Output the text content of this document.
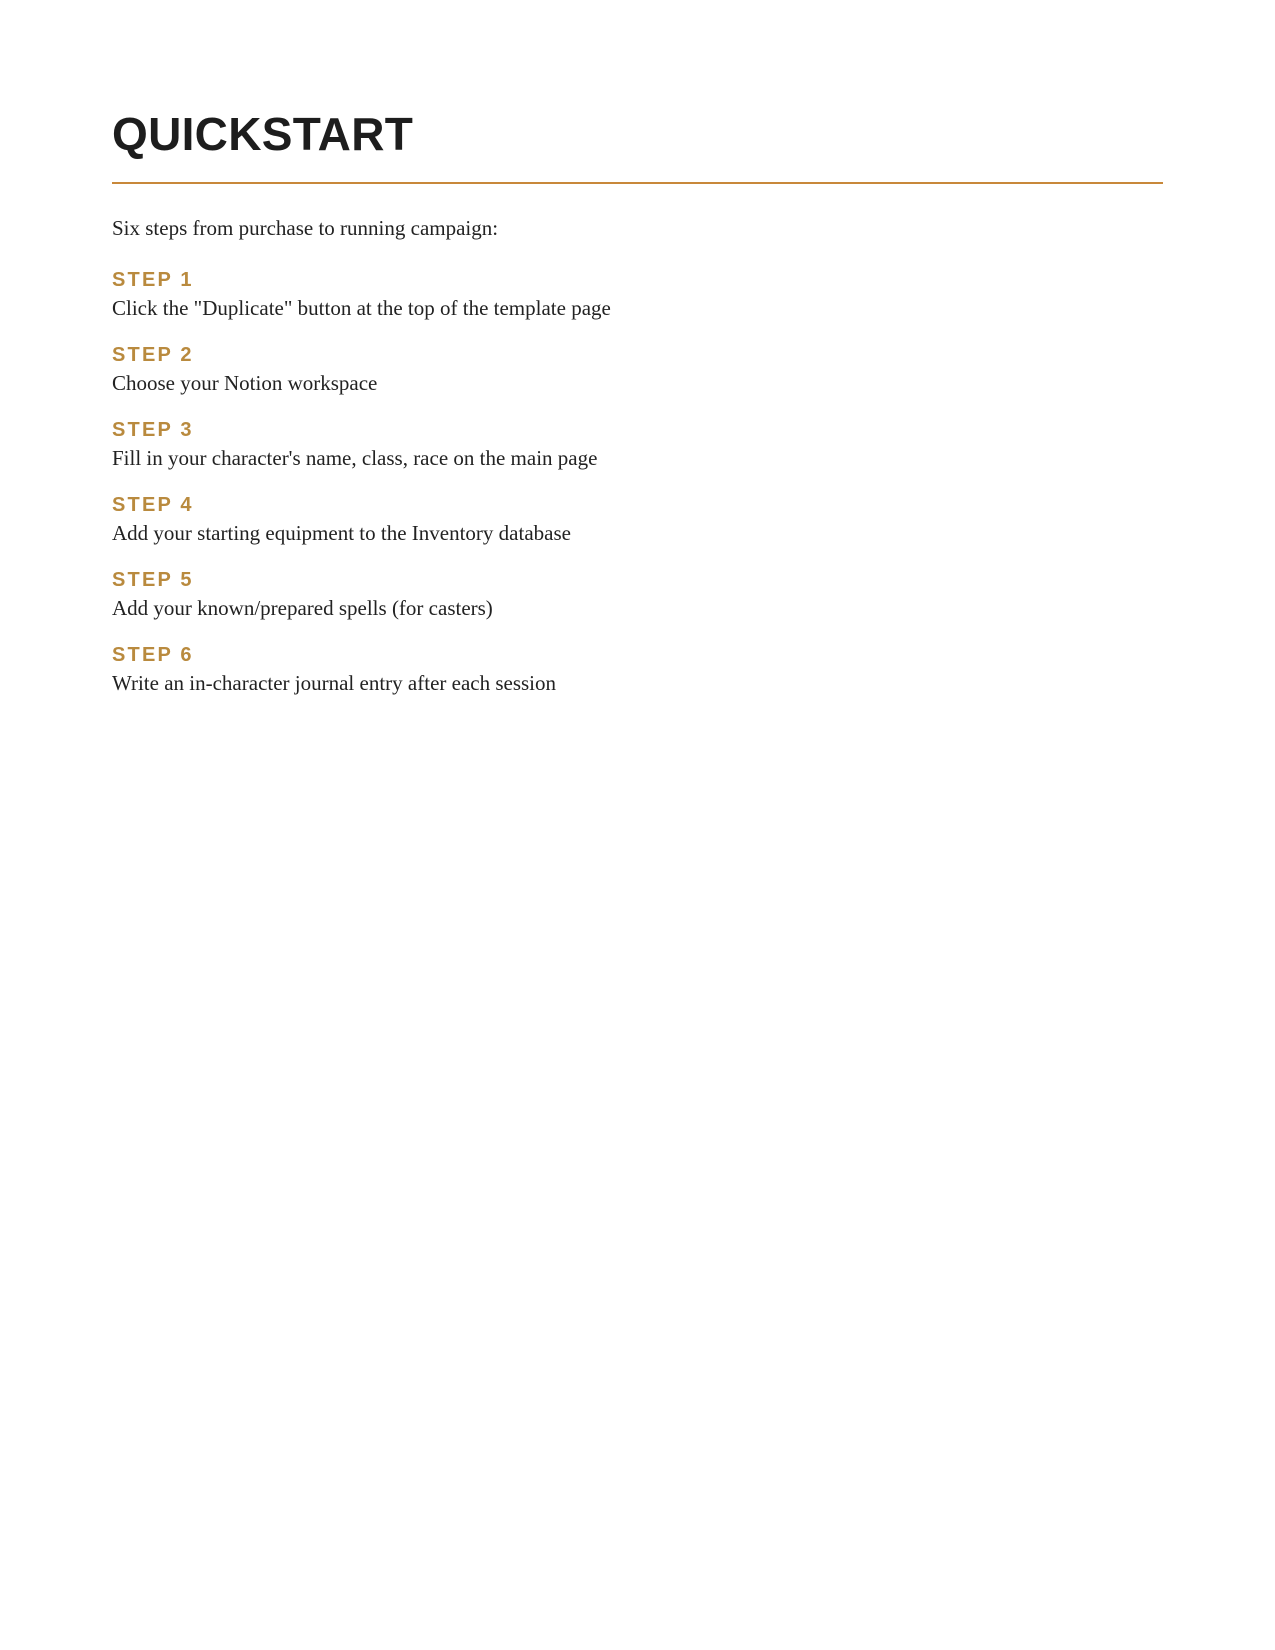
QUICKSTART
Six steps from purchase to running campaign:
STEP 1
Click the "Duplicate" button at the top of the template page
STEP 2
Choose your Notion workspace
STEP 3
Fill in your character's name, class, race on the main page
STEP 4
Add your starting equipment to the Inventory database
STEP 5
Add your known/prepared spells (for casters)
STEP 6
Write an in-character journal entry after each session
